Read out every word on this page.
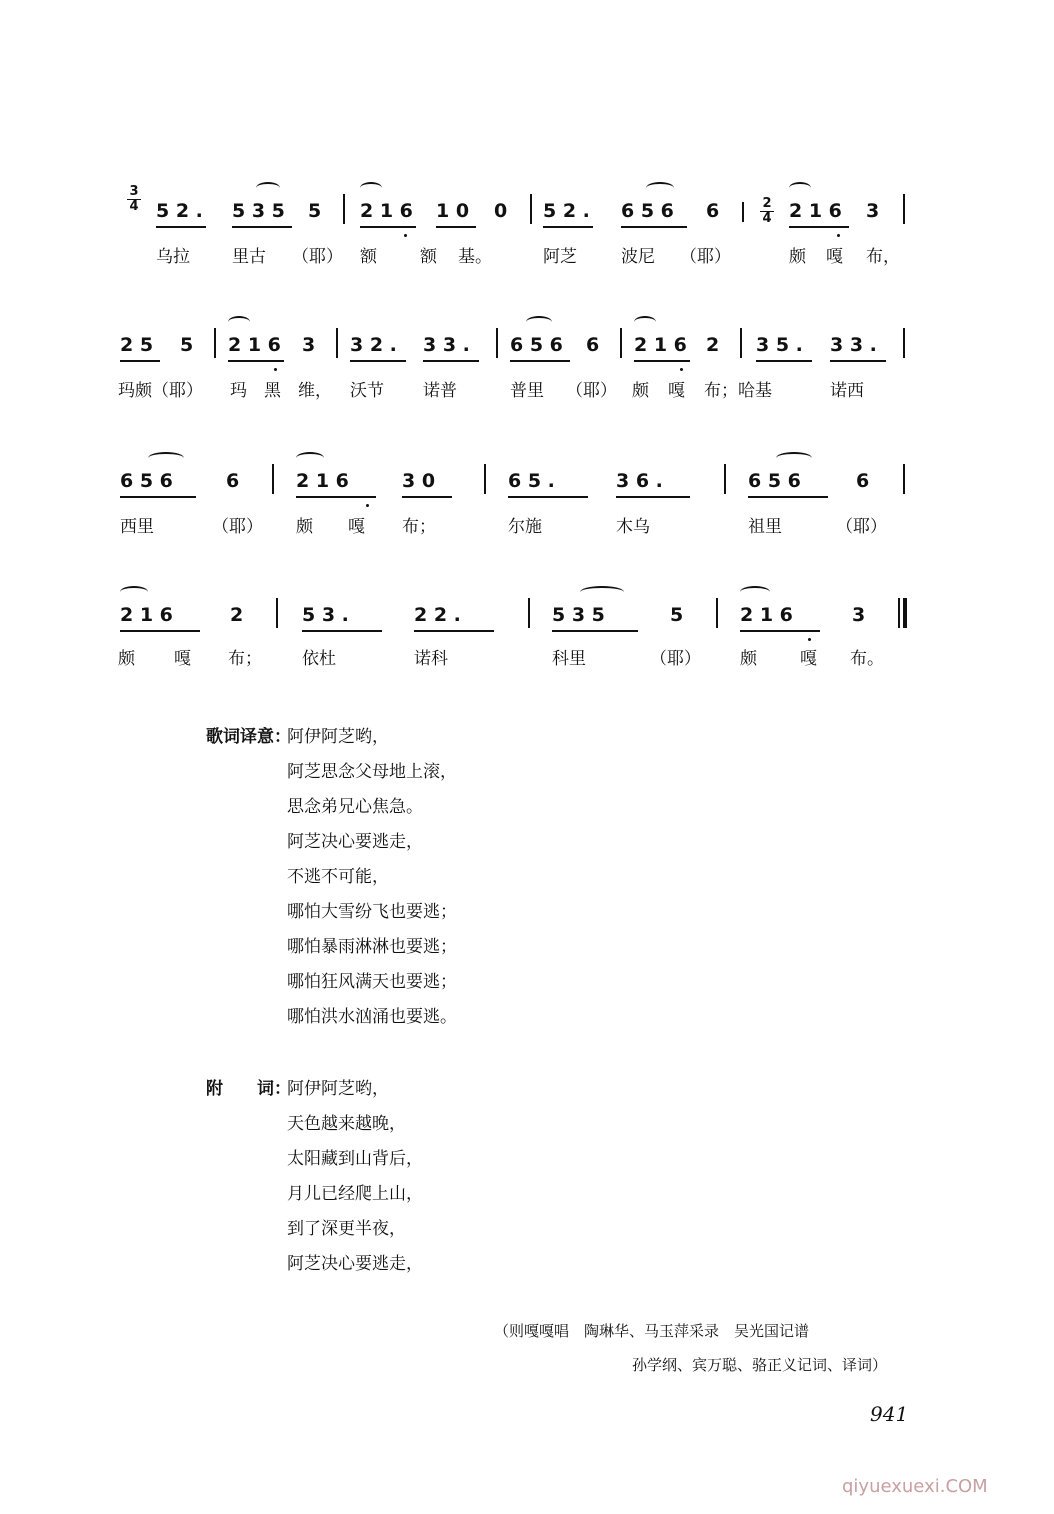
3
4 5 2 . 5 3 5 5 2 1 6 1 0 0 5 2 . 6 5 6 6	2 1 6 3
2
4
乌拉 里古 （耶） 额	额 基。	阿芝	波尼 （耶）	颇 嘎 布，
2 5 5 2 1 6 3 3 2 . 3 3 . 6 5 6 6 2 1 6 2 3 5 . 3 3 .
玛颇（耶） 玛 黑 维， 沃节 诺普	普里 （耶） 颇 嘎 布；哈基	诺西
6 5 6	6	2 1 6	3 0	6 5 .	3 6 .	6 5 6	6
西里	（耶） 颇 嘎 布；	尔施	木乌	祖里	（耶）
2 1 6	2	5 3 .	2 2 .	5 3 5	5	2 1 6	3
颇 嘎 布； 依杜	诺科	科里	（耶） 颇	嘎 布。
歌词译意：
阿伊阿芝哟，
阿芝思念父母地上滚，
思念弟兄心焦急。
阿芝决心要逃走，
不逃不可能，
哪怕大雪纷飞也要逃；
哪怕暴雨淋淋也要逃；
哪怕狂风满天也要逃；
哪怕洪水汹涌也要逃。
附　　词：
阿伊阿芝哟，
天色越来越晚，
太阳藏到山背后，
月儿已经爬上山，
到了深更半夜，
阿芝决心要逃走，
（则嘎嘎唱　陶琳华、马玉萍采录　吴光国记谱
孙学纲、宾万聪、骆正义记词、译词）
941
qiyuexuexi.COM
